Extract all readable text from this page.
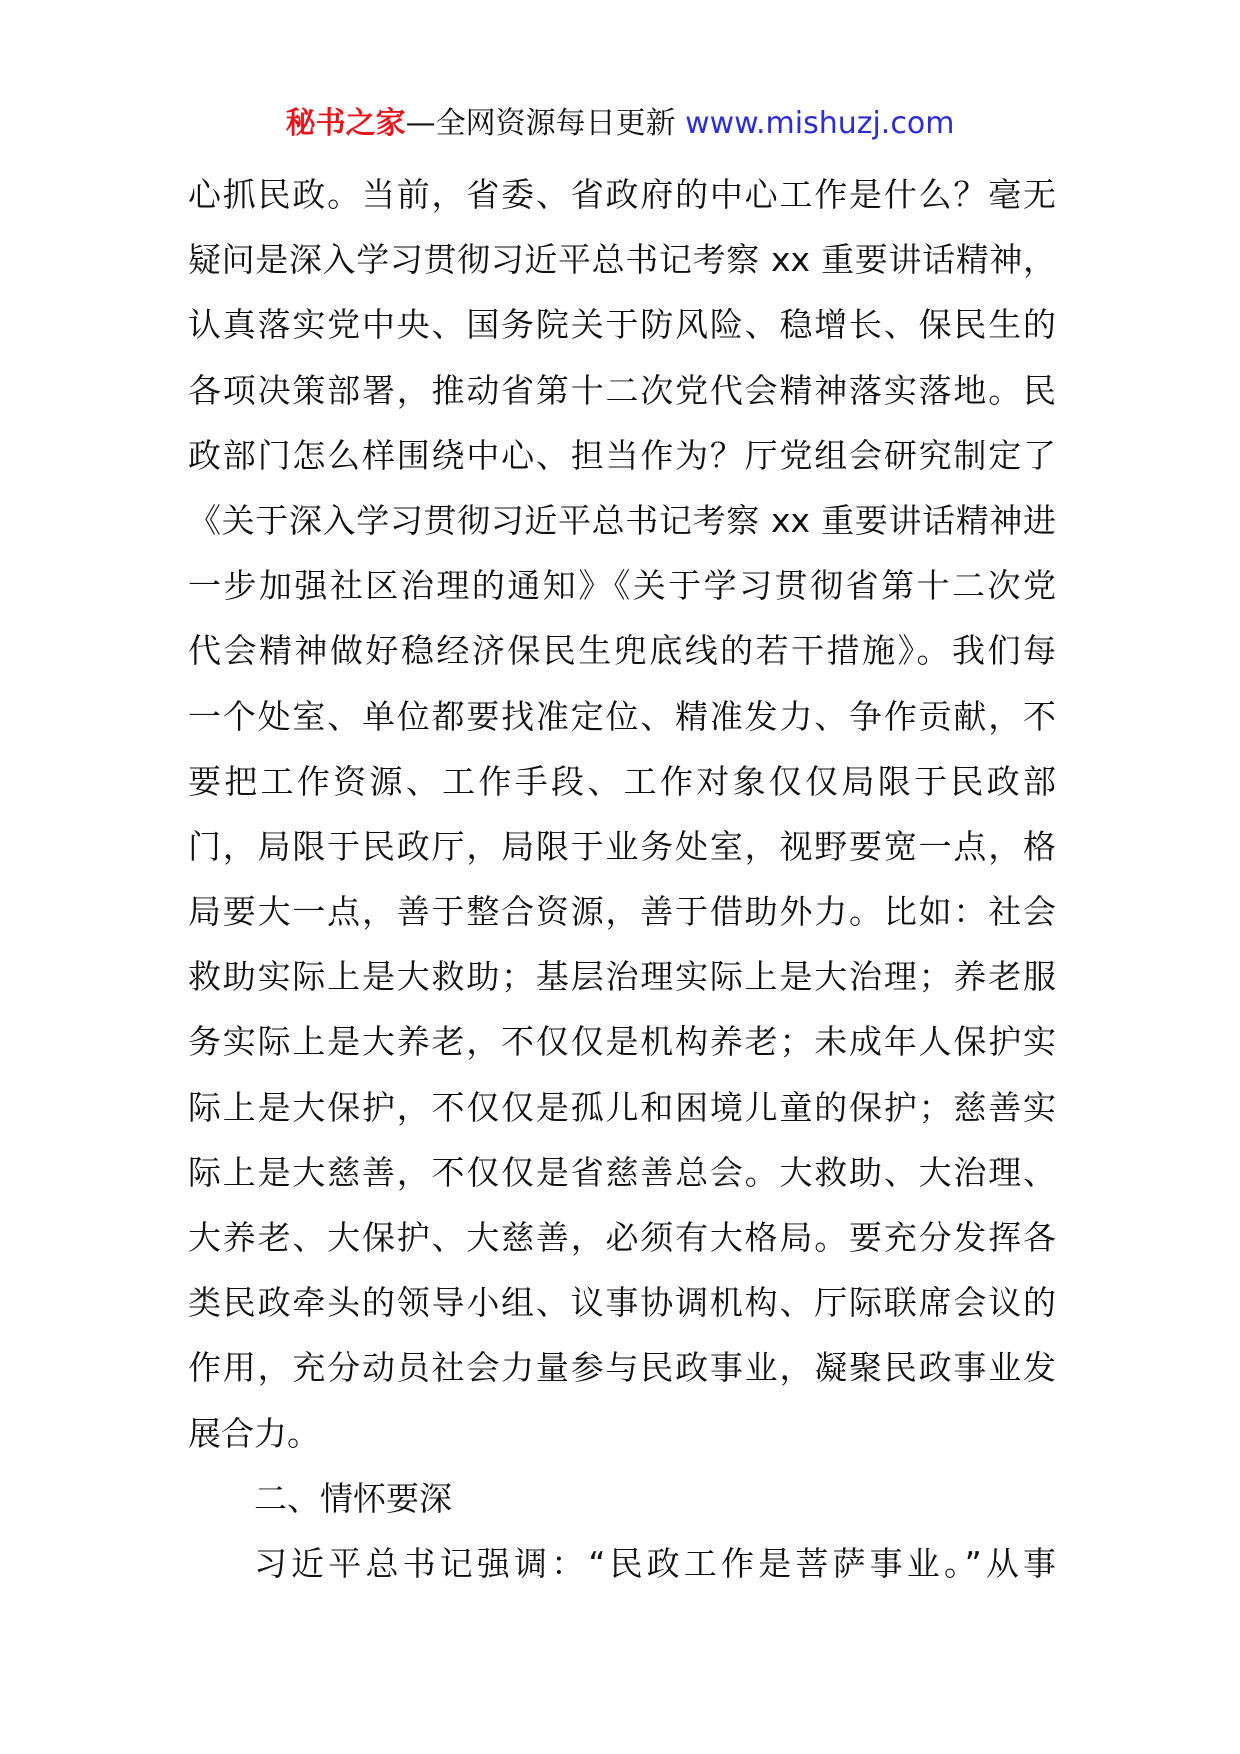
秘书之家—全网资源每日更新 www.mishuzj.com
心抓民政。当前，省委、省政府的中心工作是什么？毫无
疑问是深入学习贯彻习近平总书记考察 xx 重要讲话精神，
认真落实党中央、国务院关于防风险、稳增长、保民生的
各项决策部署，推动省第十二次党代会精神落实落地。民
政部门怎么样围绕中心、担当作为？厅党组会研究制定了
《关于深入学习贯彻习近平总书记考察 xx 重要讲话精神进
一步加强社区治理的通知》《关于学习贯彻省第十二次党
代会精神做好稳经济保民生兜底线的若干措施》。我们每
一个处室、单位都要找准定位、精准发力、争作贡献，不
要把工作资源、工作手段、工作对象仅仅局限于民政部
门，局限于民政厅，局限于业务处室，视野要宽一点，格
局要大一点，善于整合资源，善于借助外力。比如：社会
救助实际上是大救助；基层治理实际上是大治理；养老服
务实际上是大养老，不仅仅是机构养老；未成年人保护实
际上是大保护，不仅仅是孤儿和困境儿童的保护；慈善实
际上是大慈善，不仅仅是省慈善总会。大救助、大治理、
大养老、大保护、大慈善，必须有大格局。要充分发挥各
类民政牵头的领导小组、议事协调机构、厅际联席会议的
作用，充分动员社会力量参与民政事业，凝聚民政事业发
展合力。
二、情怀要深
习近平总书记强调：“民政工作是菩萨事业。”从事
